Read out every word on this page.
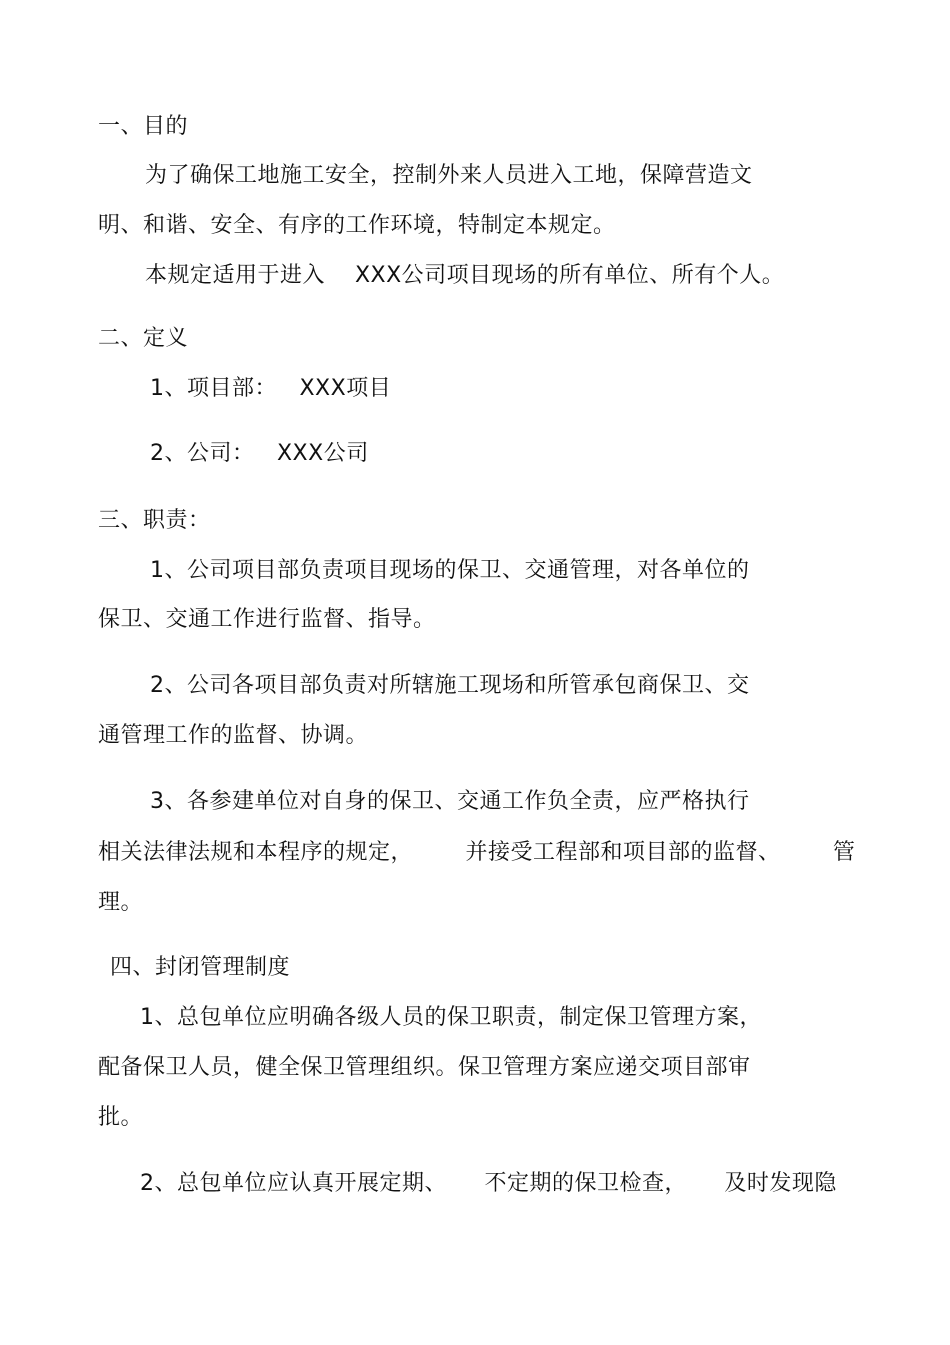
一、目的
为了确保工地施工安全，控制外来人员进入工地，保障营造文
明、和谐、安全、有序的工作环境，特制定本规定。
本规定适用于进入    XXX公司项目现场的所有单位、所有个人。
二、定义
1、项目部：   XXX项目
2、公司：   XXX公司
三、职责：
1、公司项目部负责项目现场的保卫、交通管理，对各单位的
保卫、交通工作进行监督、指导。
2、公司各项目部负责对所辖施工现场和所管承包商保卫、交
通管理工作的监督、协调。
3、各参建单位对自身的保卫、交通工作负全责，应严格执行
相关法律法规和本程序的规定，       并接受工程部和项目部的监督、       管
理。
四、封闭管理制度
1、总包单位应明确各级人员的保卫职责，制定保卫管理方案，
配备保卫人员，健全保卫管理组织。保卫管理方案应递交项目部审
批。
2、总包单位应认真开展定期、     不定期的保卫检查，     及时发现隐
